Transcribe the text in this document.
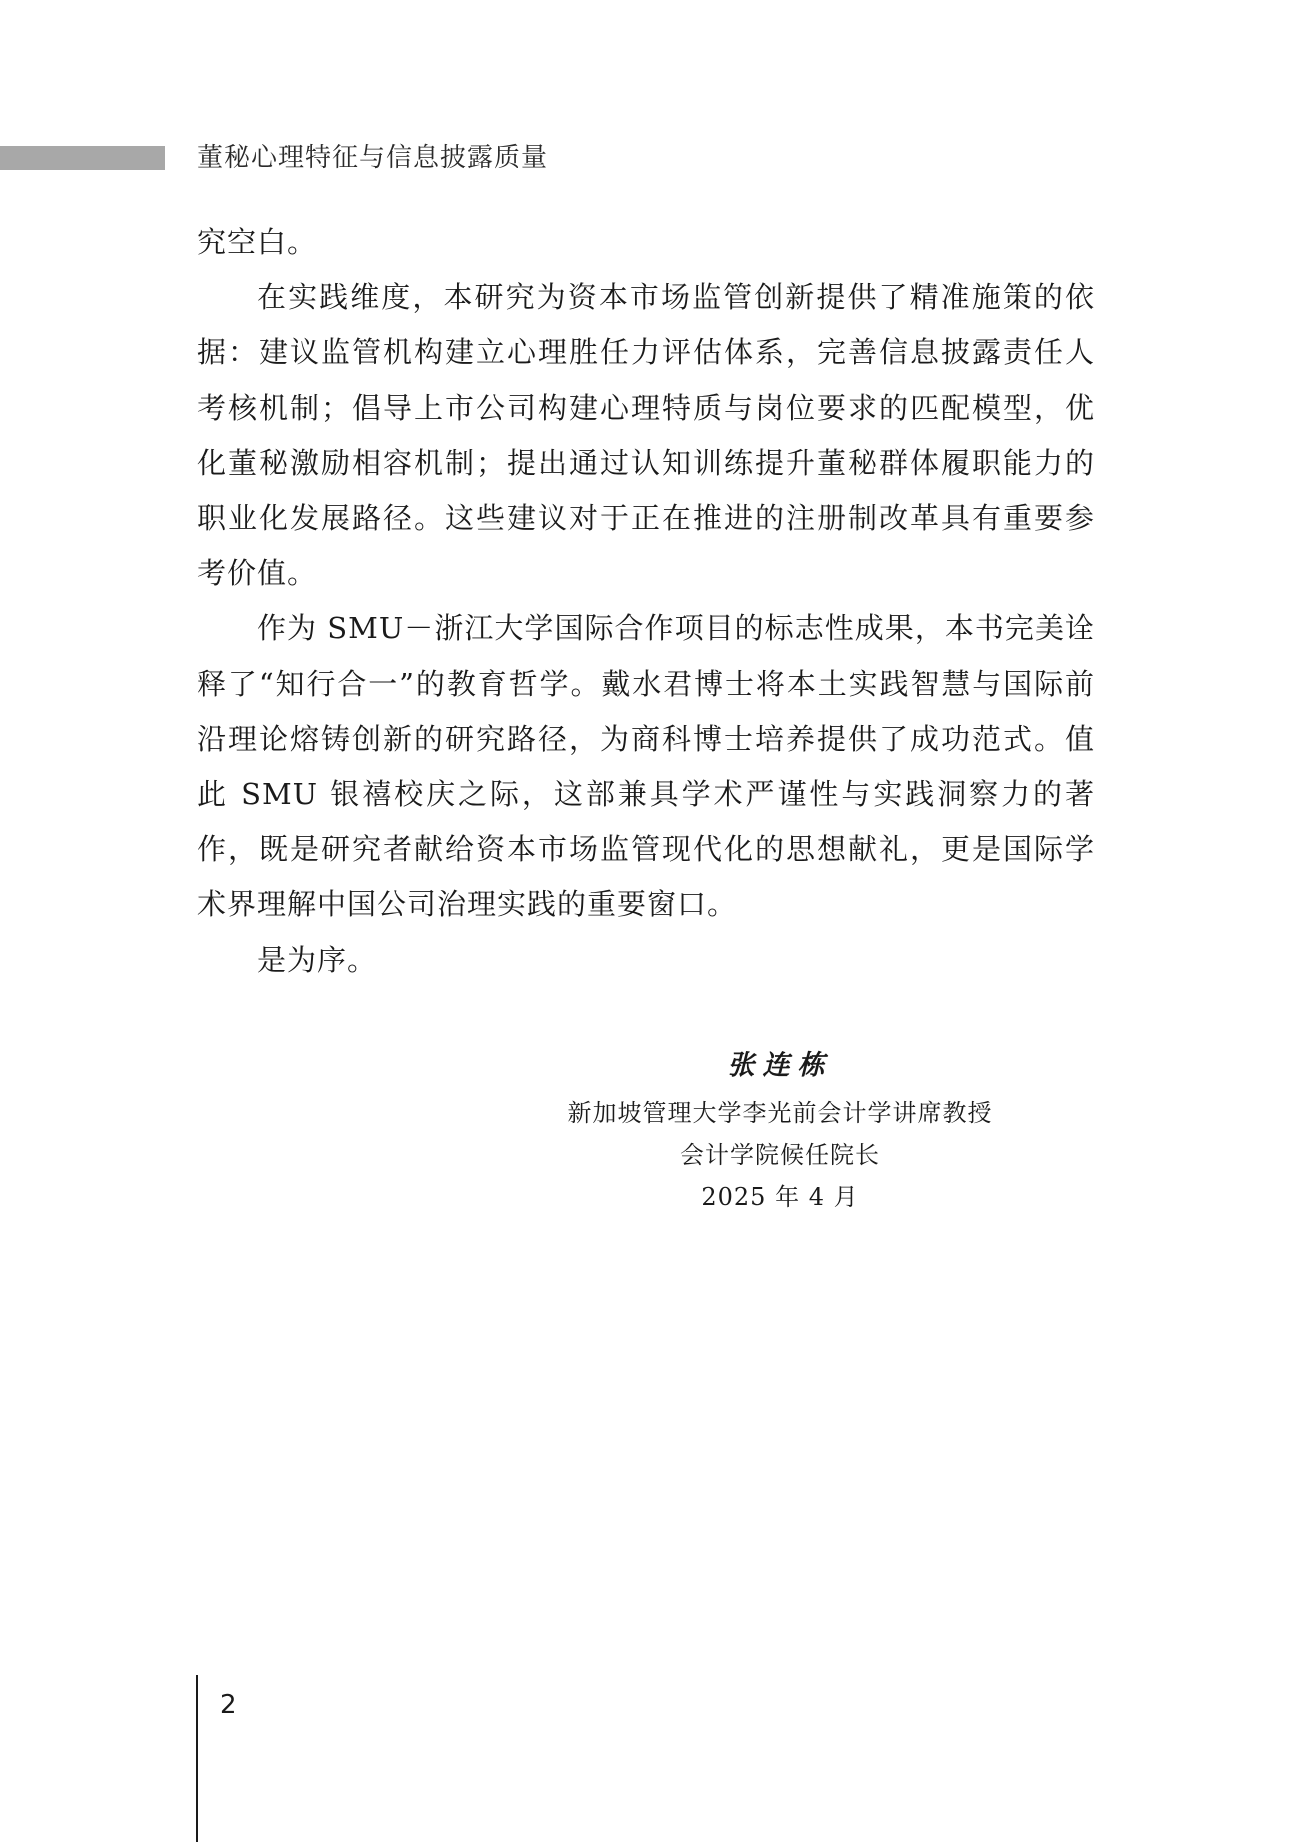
董秘心理特征与信息披露质量

究空白。

在实践维度，本研究为资本市场监管创新提供了精准施策的依据：建议监管机构建立心理胜任力评估体系，完善信息披露责任人考核机制；倡导上市公司构建心理特质与岗位要求的匹配模型，优化董秘激励相容机制；提出通过认知训练提升董秘群体履职能力的职业化发展路径。这些建议对于正在推进的注册制改革具有重要参考价值。

作为 SMU－浙江大学国际合作项目的标志性成果，本书完美诠释了“知行合一”的教育哲学。戴水君博士将本土实践智慧与国际前沿理论熔铸创新的研究路径，为商科博士培养提供了成功范式。值此 SMU 银禧校庆之际，这部兼具学术严谨性与实践洞察力的著作，既是研究者献给资本市场监管现代化的思想献礼，更是国际学术界理解中国公司治理实践的重要窗口。

是为序。

张连栋
新加坡管理大学李光前会计学讲席教授
会计学院候任院长
2025 年 4 月
2
